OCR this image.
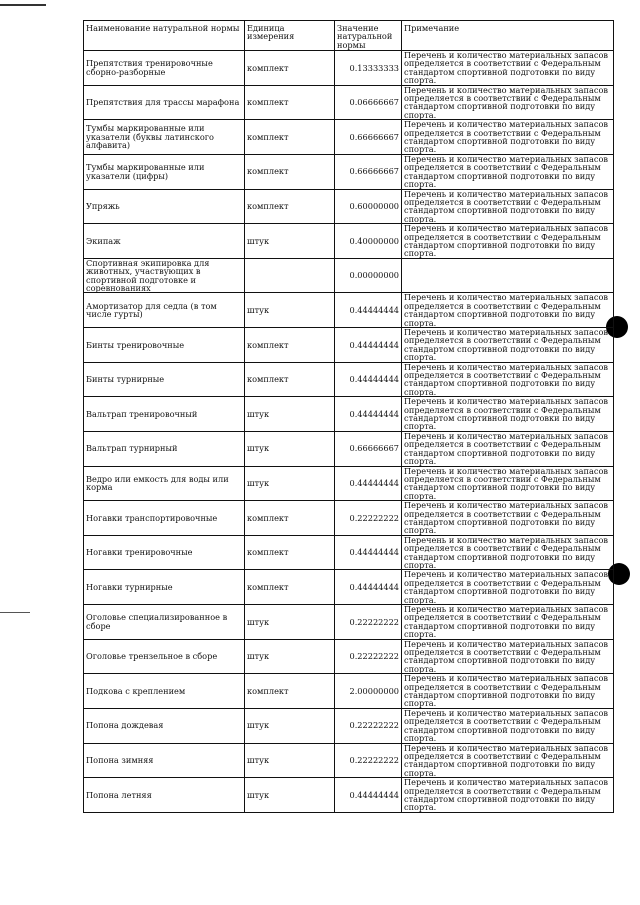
Наименование натуральной нормы	Единица измерения	Значение натуральной нормы	Примечание
Препятствия тренировочные сборно-разборные	комплект	0.13333333	Перечень и количество материальных запасов определяется в соответствии с Федеральным стандартом спортивной подготовки по виду спорта.
Препятствия для трассы марафона	комплект	0.06666667	Перечень и количество материальных запасов определяется в соответствии с Федеральным стандартом спортивной подготовки по виду спорта.
Тумбы маркированные или указатели (буквы латинского алфавита)	комплект	0.66666667	Перечень и количество материальных запасов определяется в соответствии с Федеральным стандартом спортивной подготовки по виду спорта.
Тумбы маркированные или указатели (цифры)	комплект	0.66666667	Перечень и количество материальных запасов определяется в соответствии с Федеральным стандартом спортивной подготовки по виду спорта.
Упряжь	комплект	0.60000000	Перечень и количество материальных запасов определяется в соответствии с Федеральным стандартом спортивной подготовки по виду спорта.
Экипаж	штук	0.40000000	Перечень и количество материальных запасов определяется в соответствии с Федеральным стандартом спортивной подготовки по виду спорта.
Спортивная экипировка для животных, участвующих в спортивной подготовке и соревнованиях		0.00000000	
Амортизатор для седла (в том числе гурты)	штук	0.44444444	Перечень и количество материальных запасов определяется в соответствии с Федеральным стандартом спортивной подготовки по виду спорта.
Бинты тренировочные	комплект	0.44444444	Перечень и количество материальных запасов определяется в соответствии с Федеральным стандартом спортивной подготовки по виду спорта.
Бинты турнирные	комплект	0.44444444	Перечень и количество материальных запасов определяется в соответствии с Федеральным стандартом спортивной подготовки по виду спорта.
Вальтрап тренировочный	штук	0.44444444	Перечень и количество материальных запасов определяется в соответствии с Федеральным стандартом спортивной подготовки по виду спорта.
Вальтрап турнирный	штук	0.66666667	Перечень и количество материальных запасов определяется в соответствии с Федеральным стандартом спортивной подготовки по виду спорта.
Ведро или емкость для воды или корма	штук	0.44444444	Перечень и количество материальных запасов определяется в соответствии с Федеральным стандартом спортивной подготовки по виду спорта.
Ногавки транспортировочные	комплект	0.22222222	Перечень и количество материальных запасов определяется в соответствии с Федеральным стандартом спортивной подготовки по виду спорта.
Ногавки тренировочные	комплект	0.44444444	Перечень и количество материальных запасов определяется в соответствии с Федеральным стандартом спортивной подготовки по виду спорта.
Ногавки турнирные	комплект	0.44444444	Перечень и количество материальных запасов определяется в соответствии с Федеральным стандартом спортивной подготовки по виду спорта.
Оголовье специализированное в сборе	штук	0.22222222	Перечень и количество материальных запасов определяется в соответствии с Федеральным стандартом спортивной подготовки по виду спорта.
Оголовье трензельное в сборе	штук	0.22222222	Перечень и количество материальных запасов определяется в соответствии с Федеральным стандартом спортивной подготовки по виду спорта.
Подкова с креплением	комплект	2.00000000	Перечень и количество материальных запасов определяется в соответствии с Федеральным стандартом спортивной подготовки по виду спорта.
Попона дождевая	штук	0.22222222	Перечень и количество материальных запасов определяется в соответствии с Федеральным стандартом спортивной подготовки по виду спорта.
Попона зимняя	штук	0.22222222	Перечень и количество материальных запасов определяется в соответствии с Федеральным стандартом спортивной подготовки по виду спорта.
Попона летняя	штук	0.44444444	Перечень и количество материальных запасов определяется в соответствии с Федеральным стандартом спортивной подготовки по виду спорта.
